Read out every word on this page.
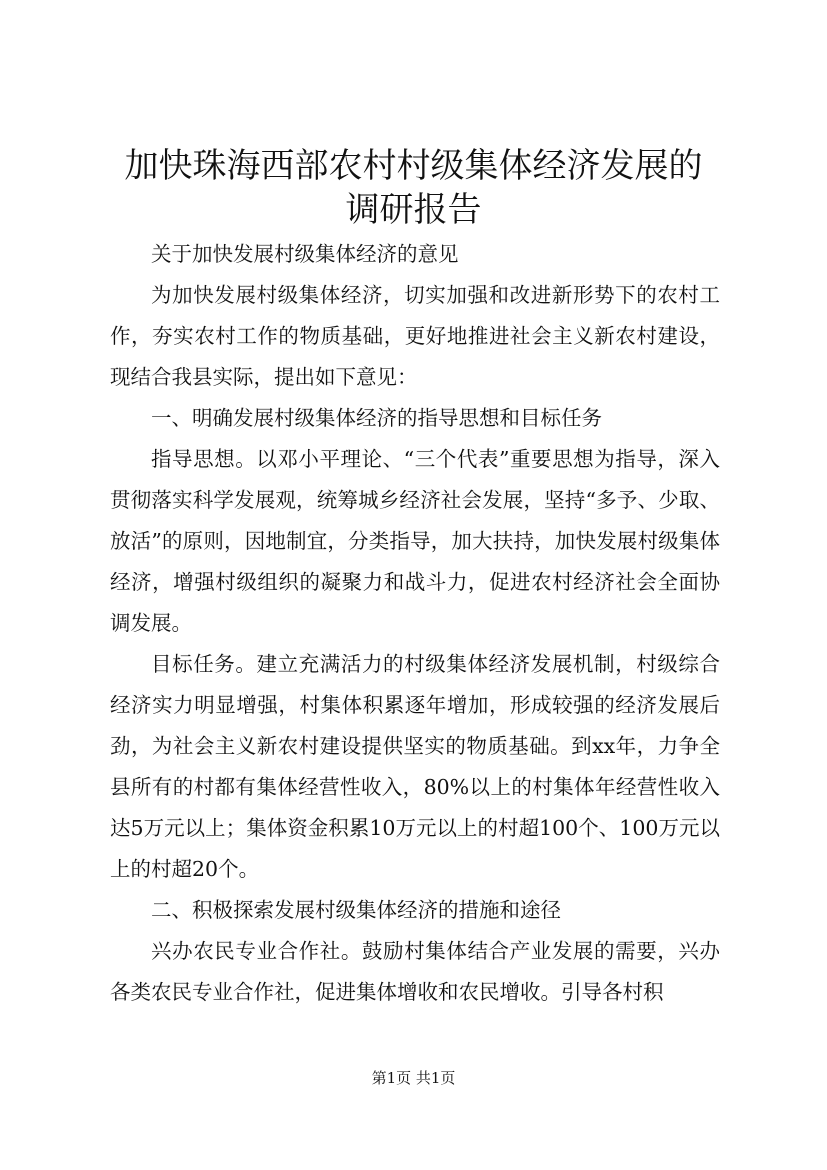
加快珠海西部农村村级集体经济发展的调研报告

关于加快发展村级集体经济的意见

为加快发展村级集体经济，切实加强和改进新形势下的农村工作，夯实农村工作的物质基础，更好地推进社会主义新农村建设，现结合我县实际，提出如下意见：

一、明确发展村级集体经济的指导思想和目标任务

指导思想。以邓小平理论、“三个代表”重要思想为指导，深入贯彻落实科学发展观，统筹城乡经济社会发展，坚持“多予、少取、放活”的原则，因地制宜，分类指导，加大扶持，加快发展村级集体经济，增强村级组织的凝聚力和战斗力，促进农村经济社会全面协调发展。

目标任务。建立充满活力的村级集体经济发展机制，村级综合经济实力明显增强，村集体积累逐年增加，形成较强的经济发展后劲，为社会主义新农村建设提供坚实的物质基础。到xx年，力争全县所有的村都有集体经营性收入，80%以上的村集体年经营性收入达5万元以上；集体资金积累10万元以上的村超100个、100万元以上的村超20个。

二、积极探索发展村级集体经济的措施和途径

兴办农民专业合作社。鼓励村集体结合产业发展的需要，兴办各类农民专业合作社，促进集体增收和农民增收。引导各村积

第1页 共1页
